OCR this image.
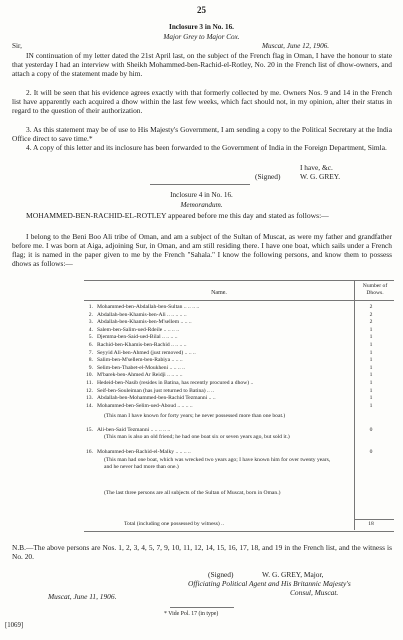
25
Inclosure 3 in No. 16.
Major Grey to Major Cox.
Sir,	Muscat, June 12, 1906.
IN continuation of my letter dated the 21st April last, on the subject of the French flag in Oman, I have the honour to state that yesterday I had an interview with Sheikh Mohammed-ben-Rachid-el-Rotley, No. 20 in the French list of dhow-owners, and attach a copy of the statement made by him.
2. It will be seen that his evidence agrees exactly with that formerly collected by me. Owners Nos. 9 and 14 in the French list have apparently each acquired a dhow within the last few weeks, which fact should not, in my opinion, alter their status in regard to the question of their authorization.
3. As this statement may be of use to His Majesty's Government, I am sending a copy to the Political Secretary at the India Office direct to save time.*
4. A copy of this letter and its inclosure has been forwarded to the Government of India in the Foreign Department, Simla.
I have, &c.
(Signed)	W. G. GREY.
Inclosure 4 in No. 16.
Memorandum.
MOHAMMED-BEN-RACHID-EL-ROTLEY appeared before me this day and stated as follows:—
I belong to the Beni Boo Ali tribe of Oman, and am a subject of the Sultan of Muscat, as were my father and grandfather before me. I was born at Aiga, adjoining Sur, in Oman, and am still residing there. I have one boat, which sails under a French flag; it is named in the paper given to me by the French "Sahala." I know the following persons, and know them to possess dhows as follows:—
Name.
Number of Dhows.
1. Mohammed-ben-Abdallah-ben-Sultan .. .. .. ..	2
2. Abdallah-ben-Khamis-ben-Ali .. .. .. .. ..	2
3. Abdallah-ben-Khamis-ben-M'sellem .. .. ..	2
4. Salem-ben-Salim-ued-Rdeile .. .. .. ..	1
5. Djemma-ben-Said-ued-Bilal .. .. .. ..	1
6. Rachid-ben-Khamis-ben-Rachid .. .. .. ..	1
7. Seyyid Ali-ben-Ahmed (just removed) .. .. ..	1
8. Salim-ben-M'sellem-ben-Rabiya .. .. ..	1
9. Selim-ben-Thabet-el-Moukheni .. .. .. ..	1
10. M'barek-ben-Ahmed Ar Reidji .. .. .. ..	1
11. Hedeid-ben-Nasib (resides in Batina, has recently procured a dhow) ..	1
12. Seif-ben-Souleiman (has just returned to Batina) .. ..	1
13. Abdallah-ben-Mohammed-ben-Rachid Tezmanni .. ..	1
14. Mohammed-ben-Selim-ued-Aboud .. .. .. ..	1
(This man I have known for forty years; he never possessed more than one boat.)
15. Ali-ben-Said Tezmanni .. .. .. .. ..	0
(This man is also an old friend; he had one boat six or seven years ago, but sold it.)
16. Mohammed-ben-Rachid-el-Malky .. .. .. ..	0
(This man had one boat, which was wrecked two years ago; I have known him for over twenty years, and he never had more than one.)
(The last three persons are all subjects of the Sultan of Muscat, born in Oman.)
Total (including one possessed by witness) ..	18
N.B.—The above persons are Nos. 1, 2, 3, 4, 5, 7, 9, 10, 11, 12, 14, 15, 16, 17, 18, and 19 in the French list, and the witness is No. 20.
(Signed)	W. G. GREY, Major,
Officiating Political Agent and His Britannic Majesty's
Consul, Muscat.
Muscat, June 11, 1906.
* Vide Pol. 17 (in type)
[1069]
